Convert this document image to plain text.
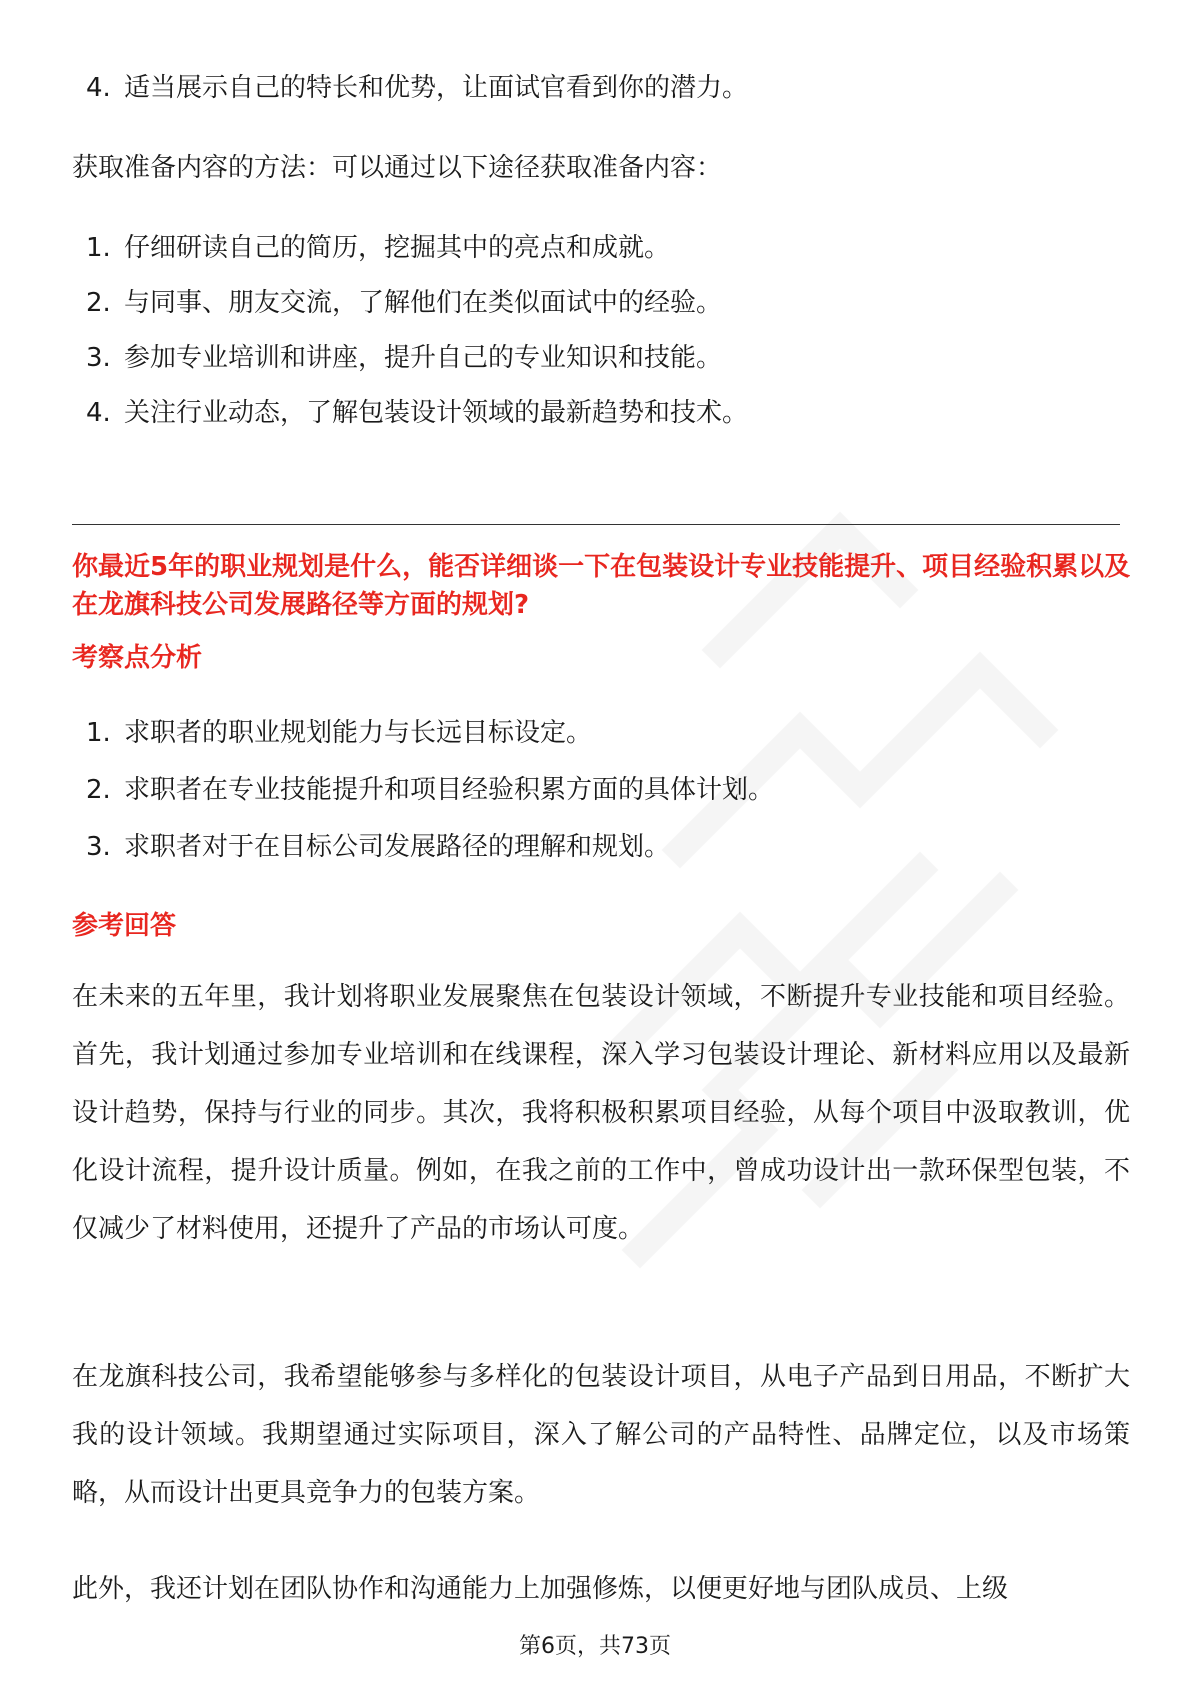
4. 适当展示自己的特长和优势，让面试官看到你的潜力。
获取准备内容的方法：可以通过以下途径获取准备内容：
1. 仔细研读自己的简历，挖掘其中的亮点和成就。
2. 与同事、朋友交流，了解他们在类似面试中的经验。
3. 参加专业培训和讲座，提升自己的专业知识和技能。
4. 关注行业动态，了解包装设计领域的最新趋势和技术。
你最近5年的职业规划是什么，能否详细谈一下在包装设计专业技能提升、项目经验积累以及在龙旗科技公司发展路径等方面的规划?
考察点分析
1. 求职者的职业规划能力与长远目标设定。
2. 求职者在专业技能提升和项目经验积累方面的具体计划。
3. 求职者对于在目标公司发展路径的理解和规划。
参考回答
在未来的五年里，我计划将职业发展聚焦在包装设计领域，不断提升专业技能和项目经验。首先，我计划通过参加专业培训和在线课程，深入学习包装设计理论、新材料应用以及最新设计趋势，保持与行业的同步。其次，我将积极积累项目经验，从每个项目中汲取教训，优化设计流程，提升设计质量。例如，在我之前的工作中，曾成功设计出一款环保型包装，不仅减少了材料使用，还提升了产品的市场认可度。
在龙旗科技公司，我希望能够参与多样化的包装设计项目，从电子产品到日用品，不断扩大我的设计领域。我期望通过实际项目，深入了解公司的产品特性、品牌定位，以及市场策略，从而设计出更具竞争力的包装方案。
此外，我还计划在团队协作和沟通能力上加强修炼，以便更好地与团队成员、上级
第6页，共73页
